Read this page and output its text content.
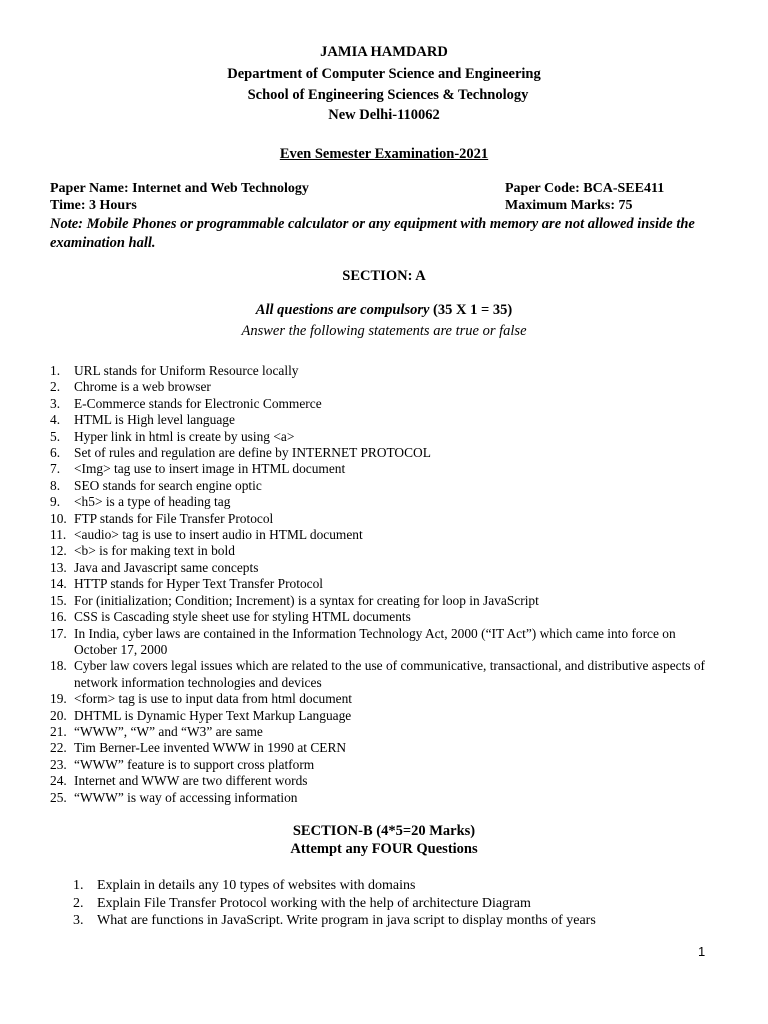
JAMIA HAMDARD
Department of Computer Science and Engineering
School of Engineering Sciences & Technology
New Delhi-110062
Even Semester Examination-2021
Paper Name: Internet and Web Technology	Paper Code: BCA-SEE411
Time: 3 Hours	Maximum Marks: 75
Note: Mobile Phones or programmable calculator or any equipment with memory are not allowed inside the examination hall.
SECTION: A
All questions are compulsory (35 X 1 = 35)
Answer the following statements are true or false
1. URL stands for Uniform Resource locally
2. Chrome is a web browser
3. E-Commerce stands for Electronic Commerce
4. HTML is High level language
5. Hyper link in html is create by using <a>
6. Set of rules and regulation are define by INTERNET PROTOCOL
7. <Img> tag use to insert image in HTML document
8. SEO stands for search engine optic
9. <h5> is a type of heading tag
10. FTP stands for File Transfer Protocol
11. <audio> tag is use to insert audio in HTML document
12. <b> is for making text in bold
13. Java and Javascript same concepts
14. HTTP stands for Hyper Text Transfer Protocol
15. For (initialization; Condition; Increment) is a syntax for creating for loop in JavaScript
16. CSS is Cascading style sheet use for styling HTML documents
17. In India, cyber laws are contained in the Information Technology Act, 2000 (“IT Act”) which came into force on October 17, 2000
18. Cyber law covers legal issues which are related to the use of communicative, transactional, and distributive aspects of network information technologies and devices
19. <form> tag is use to input data from html document
20. DHTML is Dynamic Hyper Text Markup Language
21. “WWW”, “W” and “W3” are same
22. Tim Berner-Lee invented WWW in 1990 at CERN
23. “WWW” feature is to support cross platform
24. Internet and WWW are two different words
25. “WWW” is way of accessing information
SECTION-B (4*5=20 Marks)
Attempt any FOUR Questions
1. Explain in details any 10 types of websites with domains
2. Explain File Transfer Protocol working with the help of architecture Diagram
3. What are functions in JavaScript. Write program in java script to display months of years
1
